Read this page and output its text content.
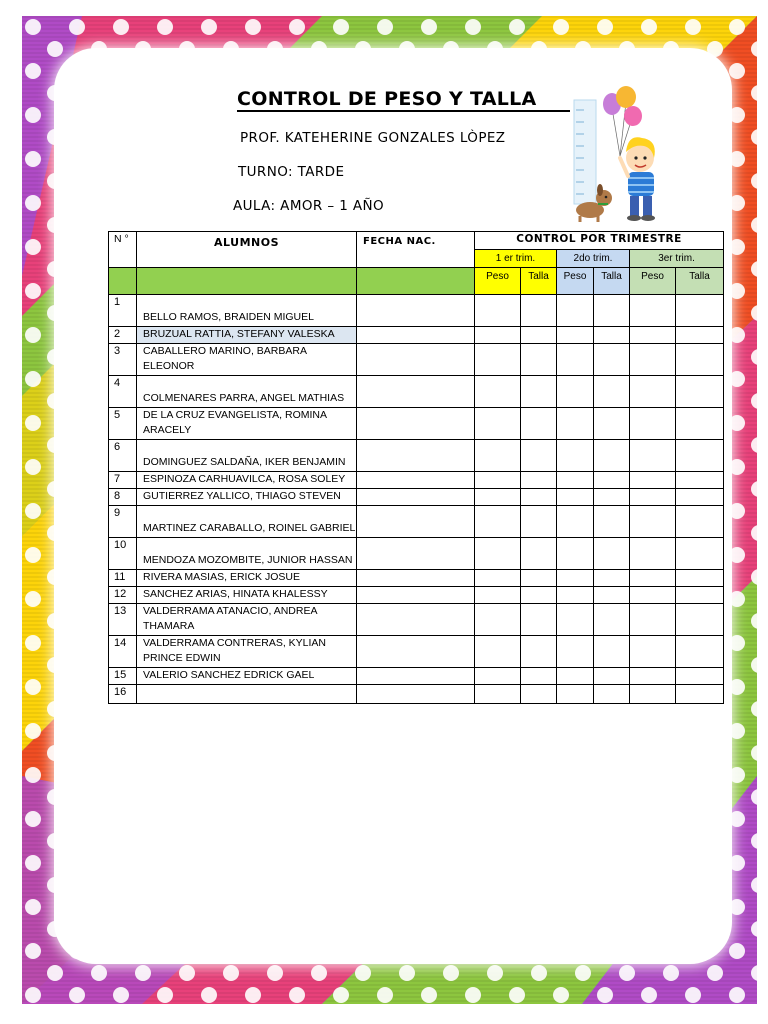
CONTROL DE PESO Y TALLA
PROF. KATEHERINE GONZALES LÒPEZ
TURNO: TARDE
AULA: AMOR – 1 AÑO
N °	ALUMNOS	FECHA NAC.	CONTROL POR TRIMESTRE					
			1 er trim.		2do trim.		3er trim.	
			Peso	Talla	Peso	Talla	Peso	Talla
1	BELLO RAMOS, BRAIDEN MIGUEL							
2	BRUZUAL RATTIA, STEFANY VALESKA							
3	CABALLERO MARINO, BARBARA ELEONOR							
4	COLMENARES PARRA, ANGEL MATHIAS							
5	DE LA CRUZ EVANGELISTA, ROMINA ARACELY							
6	DOMINGUEZ SALDAÑA, IKER BENJAMIN							
7	ESPINOZA CARHUAVILCA, ROSA SOLEY							
8	GUTIERREZ YALLICO, THIAGO STEVEN							
9	MARTINEZ CARABALLO, ROINEL GABRIEL							
10	MENDOZA MOZOMBITE, JUNIOR HASSAN							
11	RIVERA MASIAS, ERICK JOSUE							
12	SANCHEZ ARIAS, HINATA KHALESSY							
13	VALDERRAMA ATANACIO, ANDREA THAMARA							
14	VALDERRAMA CONTRERAS, KYLIAN PRINCE EDWIN							
15	VALERIO SANCHEZ EDRICK GAEL							
16								
